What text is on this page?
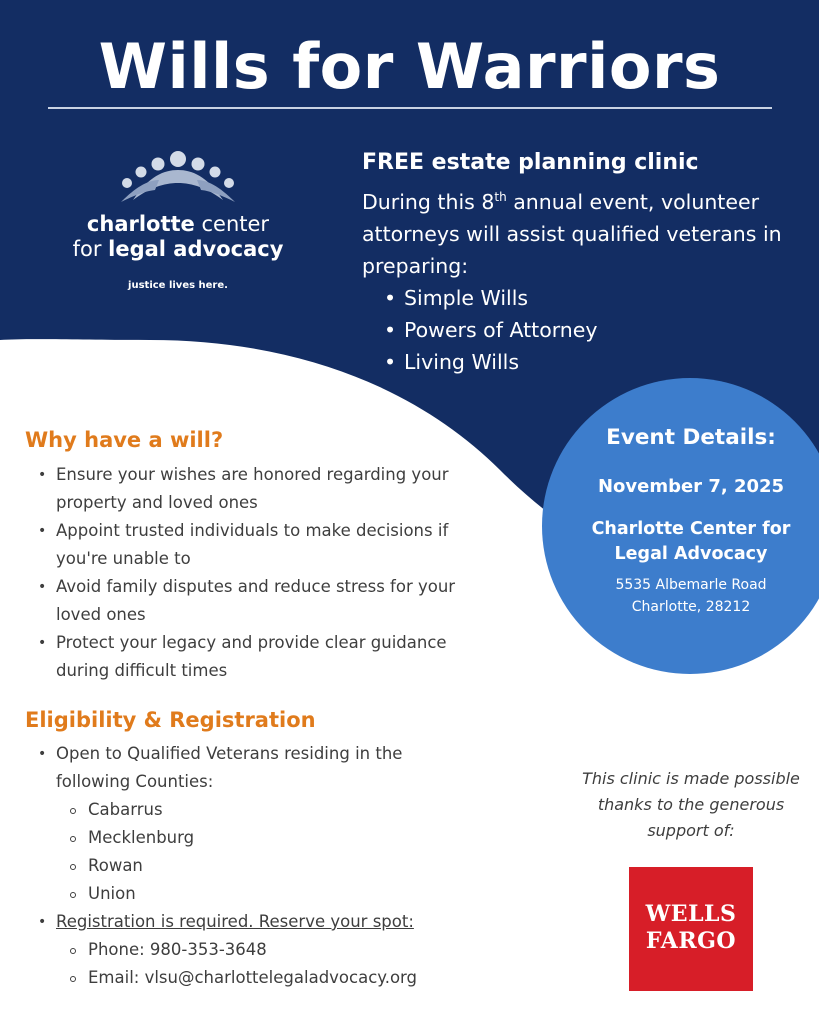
Wills for Warriors
charlotte center
for legal advocacy
justice lives here.
FREE estate planning clinic

During this 8th annual event, volunteer attorneys will assist qualified veterans in preparing:

• Simple Wills
• Powers of Attorney
• Living Wills
Event Details:
November 7, 2025
Charlotte Center for Legal Advocacy
5535 Albemarle Road
Charlotte, 28212
Why have a will?
• Ensure your wishes are honored regarding your property and loved ones
• Appoint trusted individuals to make decisions if you're unable to
• Avoid family disputes and reduce stress for your loved ones
• Protect your legacy and provide clear guidance during difficult times
Eligibility & Registration
• Open to Qualified Veterans residing in the following Counties:
Cabarrus
Mecklenburg
Rowan
Union
• Registration is required. Reserve your spot:
Phone: 980-353-3648
Email: vlsu@charlottelegaladvocacy.org
This clinic is made possible thanks to the generous support of:
WELLS
FARGO
